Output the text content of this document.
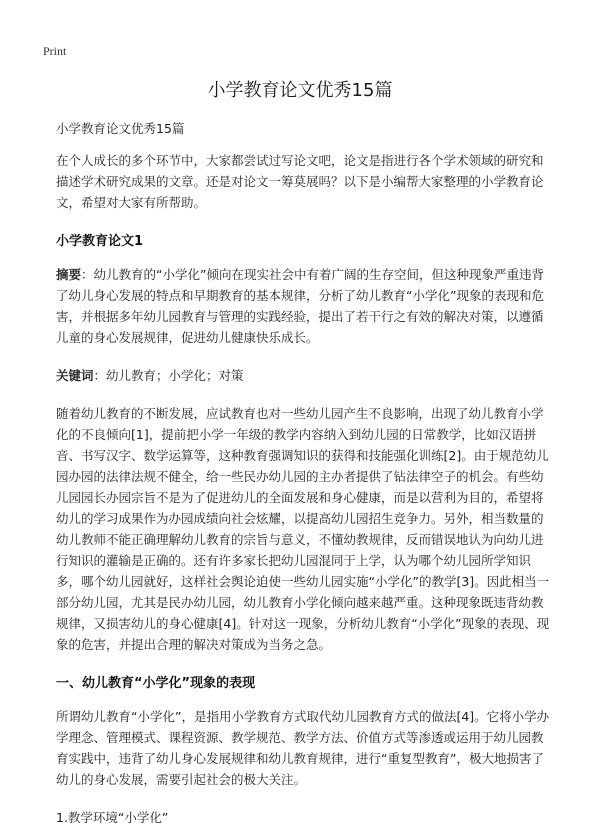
Print
小学教育论文优秀15篇

小学教育论文优秀15篇

在个人成长的多个环节中，大家都尝试过写论文吧，论文是指进行各个学术领域的研究和描述学术研究成果的文章。还是对论文一筹莫展吗？以下是小编帮大家整理的小学教育论文，希望对大家有所帮助。

小学教育论文1

摘要：幼儿教育的“小学化”倾向在现实社会中有着广阔的生存空间，但这种现象严重违背了幼儿身心发展的特点和早期教育的基本规律，分析了幼儿教育“小学化”现象的表现和危害，并根据多年幼儿园教育与管理的实践经验，提出了若干行之有效的解决对策，以遵循儿童的身心发展规律，促进幼儿健康快乐成长。

关键词：幼儿教育；小学化；对策

随着幼儿教育的不断发展，应试教育也对一些幼儿园产生不良影响，出现了幼儿教育小学化的不良倾向[1]，提前把小学一年级的教学内容纳入到幼儿园的日常教学，比如汉语拼音、书写汉字、数学运算等，这种教育强调知识的获得和技能强化训练[2]。由于规范幼儿园办园的法律法规不健全，给一些民办幼儿园的主办者提供了钻法律空子的机会。有些幼儿园园长办园宗旨不是为了促进幼儿的全面发展和身心健康，而是以营利为目的，希望将幼儿的学习成果作为办园成绩向社会炫耀，以提高幼儿园招生竞争力。另外，相当数量的幼儿教师不能正确理解幼儿教育的宗旨与意义，不懂幼教规律，反而错误地认为向幼儿进行知识的灌输是正确的。还有许多家长把幼儿园混同于上学，认为哪个幼儿园所学知识多，哪个幼儿园就好，这样社会舆论迫使一些幼儿园实施“小学化”的教学[3]。因此相当一部分幼儿园，尤其是民办幼儿园，幼儿教育小学化倾向越来越严重。这种现象既违背幼教规律，又损害幼儿的身心健康[4]。针对这一现象，分析幼儿教育“小学化”现象的表现、现象的危害，并提出合理的解决对策成为当务之急。

一、幼儿教育“小学化”现象的表现

所谓幼儿教育“小学化”，是指用小学教育方式取代幼儿园教育方式的做法[4]。它将小学办学理念、管理模式、课程资源、教学规范、教学方法、价值方式等渗透或运用于幼儿园教育实践中，违背了幼儿身心发展规律和幼儿教育规律，进行“重复型教育”，极大地损害了幼儿的身心发展，需要引起社会的极大关注。

1.教学环境“小学化”
